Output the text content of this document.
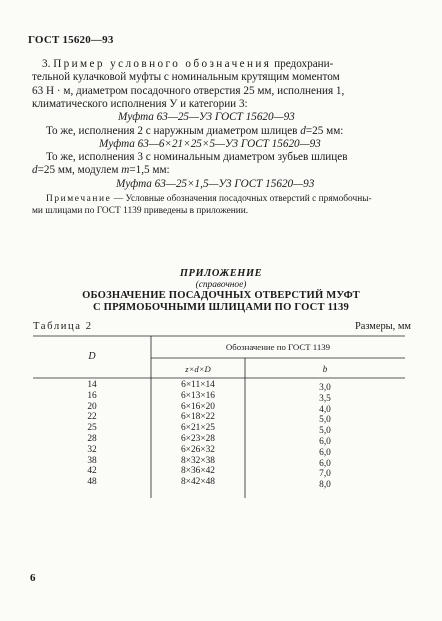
ГОСТ 15620—93
3. Пример условного обозначения предохрани-
тельной кулачковой муфты с номинальным крутящим моментом
63 Н · м, диаметром посадочного отверстия 25 мм, исполнения 1,
климатического исполнения У и категории 3:
Муфта 63—25—У3 ГОСТ 15620—93
То же, исполнения 2 с наружным диаметром шлицев d=25 мм:
Муфта 63—6×21×25×5—У3 ГОСТ 15620—93
То же, исполнения 3 с номинальным диаметром зубьев шлицев
d=25 мм, модулем m=1,5 мм:
Муфта 63—25×1,5—У3 ГОСТ 15620—93
Примечание — Условные обозначения посадочных отверстий с прямобочны-
ми шлицами по ГОСТ 1139 приведены в приложении.
ПРИЛОЖЕНИЕ
(справочное)
ОБОЗНАЧЕНИЕ ПОСАДОЧНЫХ ОТВЕРСТИЙ МУФТ
С ПРЯМОБОЧНЫМИ ШЛИЦАМИ ПО ГОСТ 1139
Таблица 2	Размеры, мм
D
Обозначение по ГОСТ 1139
z×d×D	b
14
16
20
22
25
28
32
38
42
48
6×11×14
6×13×16
6×16×20
6×18×22
6×21×25
6×23×28
6×26×32
8×32×38
8×36×42
8×42×48
3,0
3,5
4,0
5,0
5,0
6,0
6,0
6,0
7,0
8,0
6
